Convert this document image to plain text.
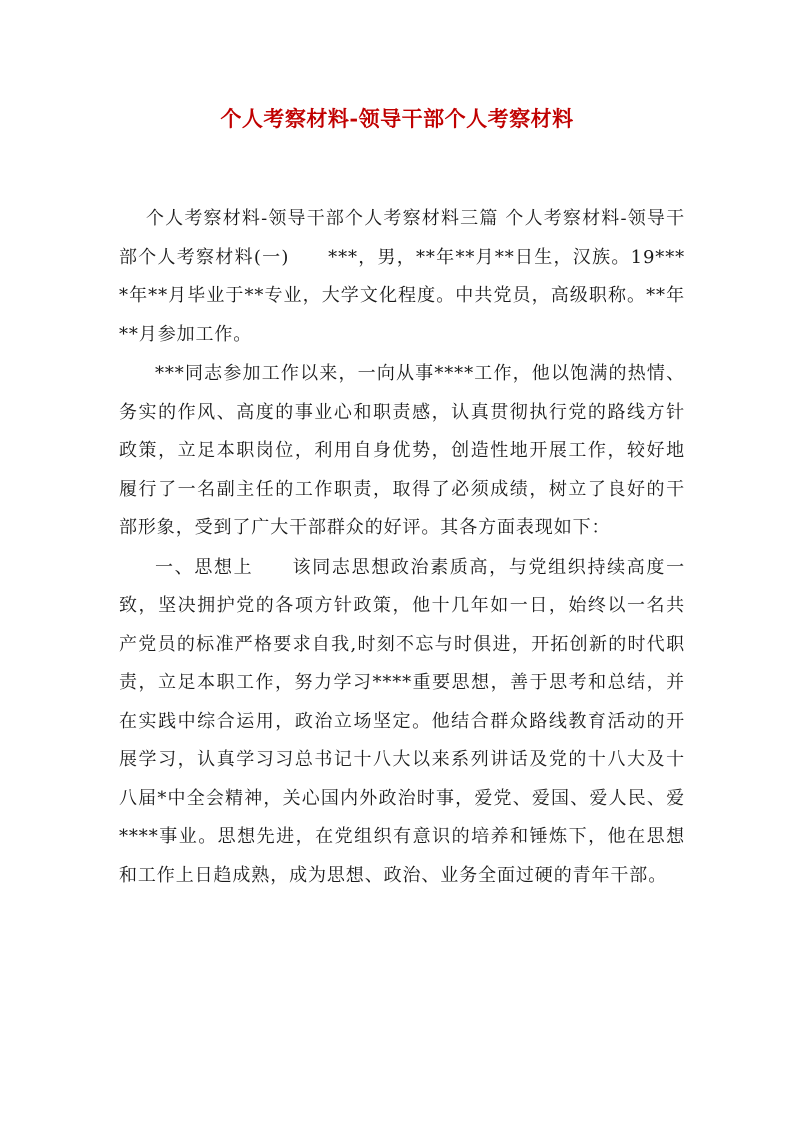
个人考察材料-领导干部个人考察材料

个人考察材料-领导干部个人考察材料三篇 个人考察材料-领导干部个人考察材料(一)　　***，男，**年**月**日生，汉族。19****年**月毕业于**专业，大学文化程度。中共党员，高级职称。**年**月参加工作。

***同志参加工作以来，一向从事****工作，他以饱满的热情、务实的作风、高度的事业心和职责感，认真贯彻执行党的路线方针政策，立足本职岗位，利用自身优势，创造性地开展工作，较好地履行了一名副主任的工作职责，取得了必须成绩，树立了良好的干部形象，受到了广大干部群众的好评。其各方面表现如下：

一、思想上　　该同志思想政治素质高，与党组织持续高度一致，坚决拥护党的各项方针政策，他十几年如一日，始终以一名共产党员的标准严格要求自我,时刻不忘与时俱进，开拓创新的时代职责，立足本职工作，努力学习****重要思想，善于思考和总结，并在实践中综合运用，政治立场坚定。他结合群众路线教育活动的开展学习，认真学习习总书记十八大以来系列讲话及党的十八大及十八届*中全会精神，关心国内外政治时事，爱党、爱国、爱人民、爱****事业。思想先进，在党组织有意识的培养和锤炼下，他在思想和工作上日趋成熟，成为思想、政治、业务全面过硬的青年干部。
